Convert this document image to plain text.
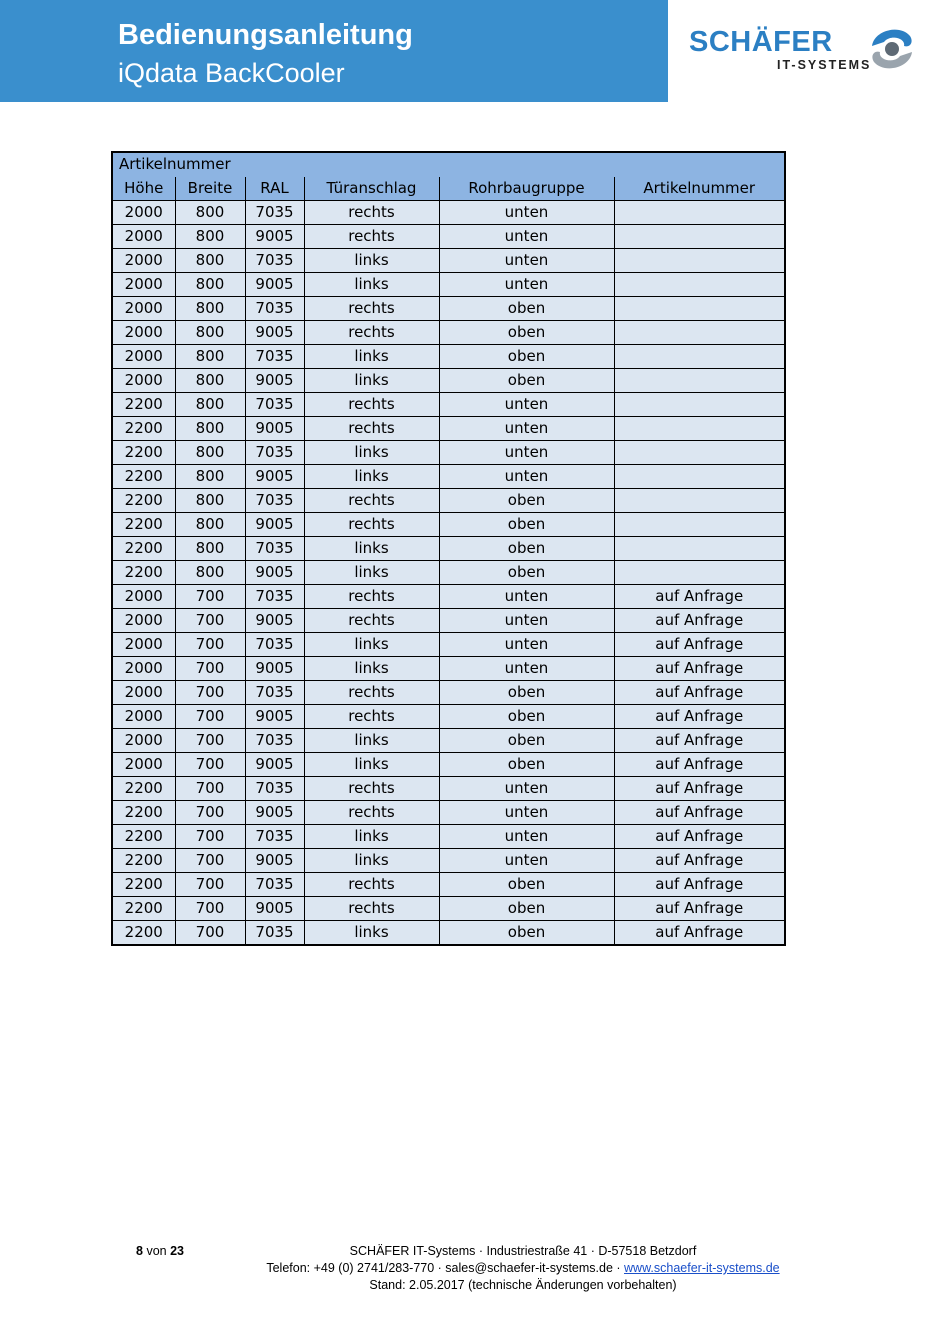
Bedienungsanleitung
iQdata BackCooler
SCHÄFER
IT-SYSTEMS
Artikelnummer					
Höhe	Breite	RAL	Türanschlag	Rohrbaugruppe	Artikelnummer
2000	800	7035	rechts	unten	
2000	800	9005	rechts	unten	
2000	800	7035	links	unten	
2000	800	9005	links	unten	
2000	800	7035	rechts	oben	
2000	800	9005	rechts	oben	
2000	800	7035	links	oben	
2000	800	9005	links	oben	
2200	800	7035	rechts	unten	
2200	800	9005	rechts	unten	
2200	800	7035	links	unten	
2200	800	9005	links	unten	
2200	800	7035	rechts	oben	
2200	800	9005	rechts	oben	
2200	800	7035	links	oben	
2200	800	9005	links	oben	
2000	700	7035	rechts	unten	auf Anfrage
2000	700	9005	rechts	unten	auf Anfrage
2000	700	7035	links	unten	auf Anfrage
2000	700	9005	links	unten	auf Anfrage
2000	700	7035	rechts	oben	auf Anfrage
2000	700	9005	rechts	oben	auf Anfrage
2000	700	7035	links	oben	auf Anfrage
2000	700	9005	links	oben	auf Anfrage
2200	700	7035	rechts	unten	auf Anfrage
2200	700	9005	rechts	unten	auf Anfrage
2200	700	7035	links	unten	auf Anfrage
2200	700	9005	links	unten	auf Anfrage
2200	700	7035	rechts	oben	auf Anfrage
2200	700	9005	rechts	oben	auf Anfrage
2200	700	7035	links	oben	auf Anfrage
8 von 23	SCHÄFER IT-Systems · Industriestraße 41 · D-57518 Betzdorf
Telefon: +49 (0) 2741/283-770 · sales@schaefer-it-systems.de · www.schaefer-it-systems.de
Stand: 2.05.2017 (technische Änderungen vorbehalten)
